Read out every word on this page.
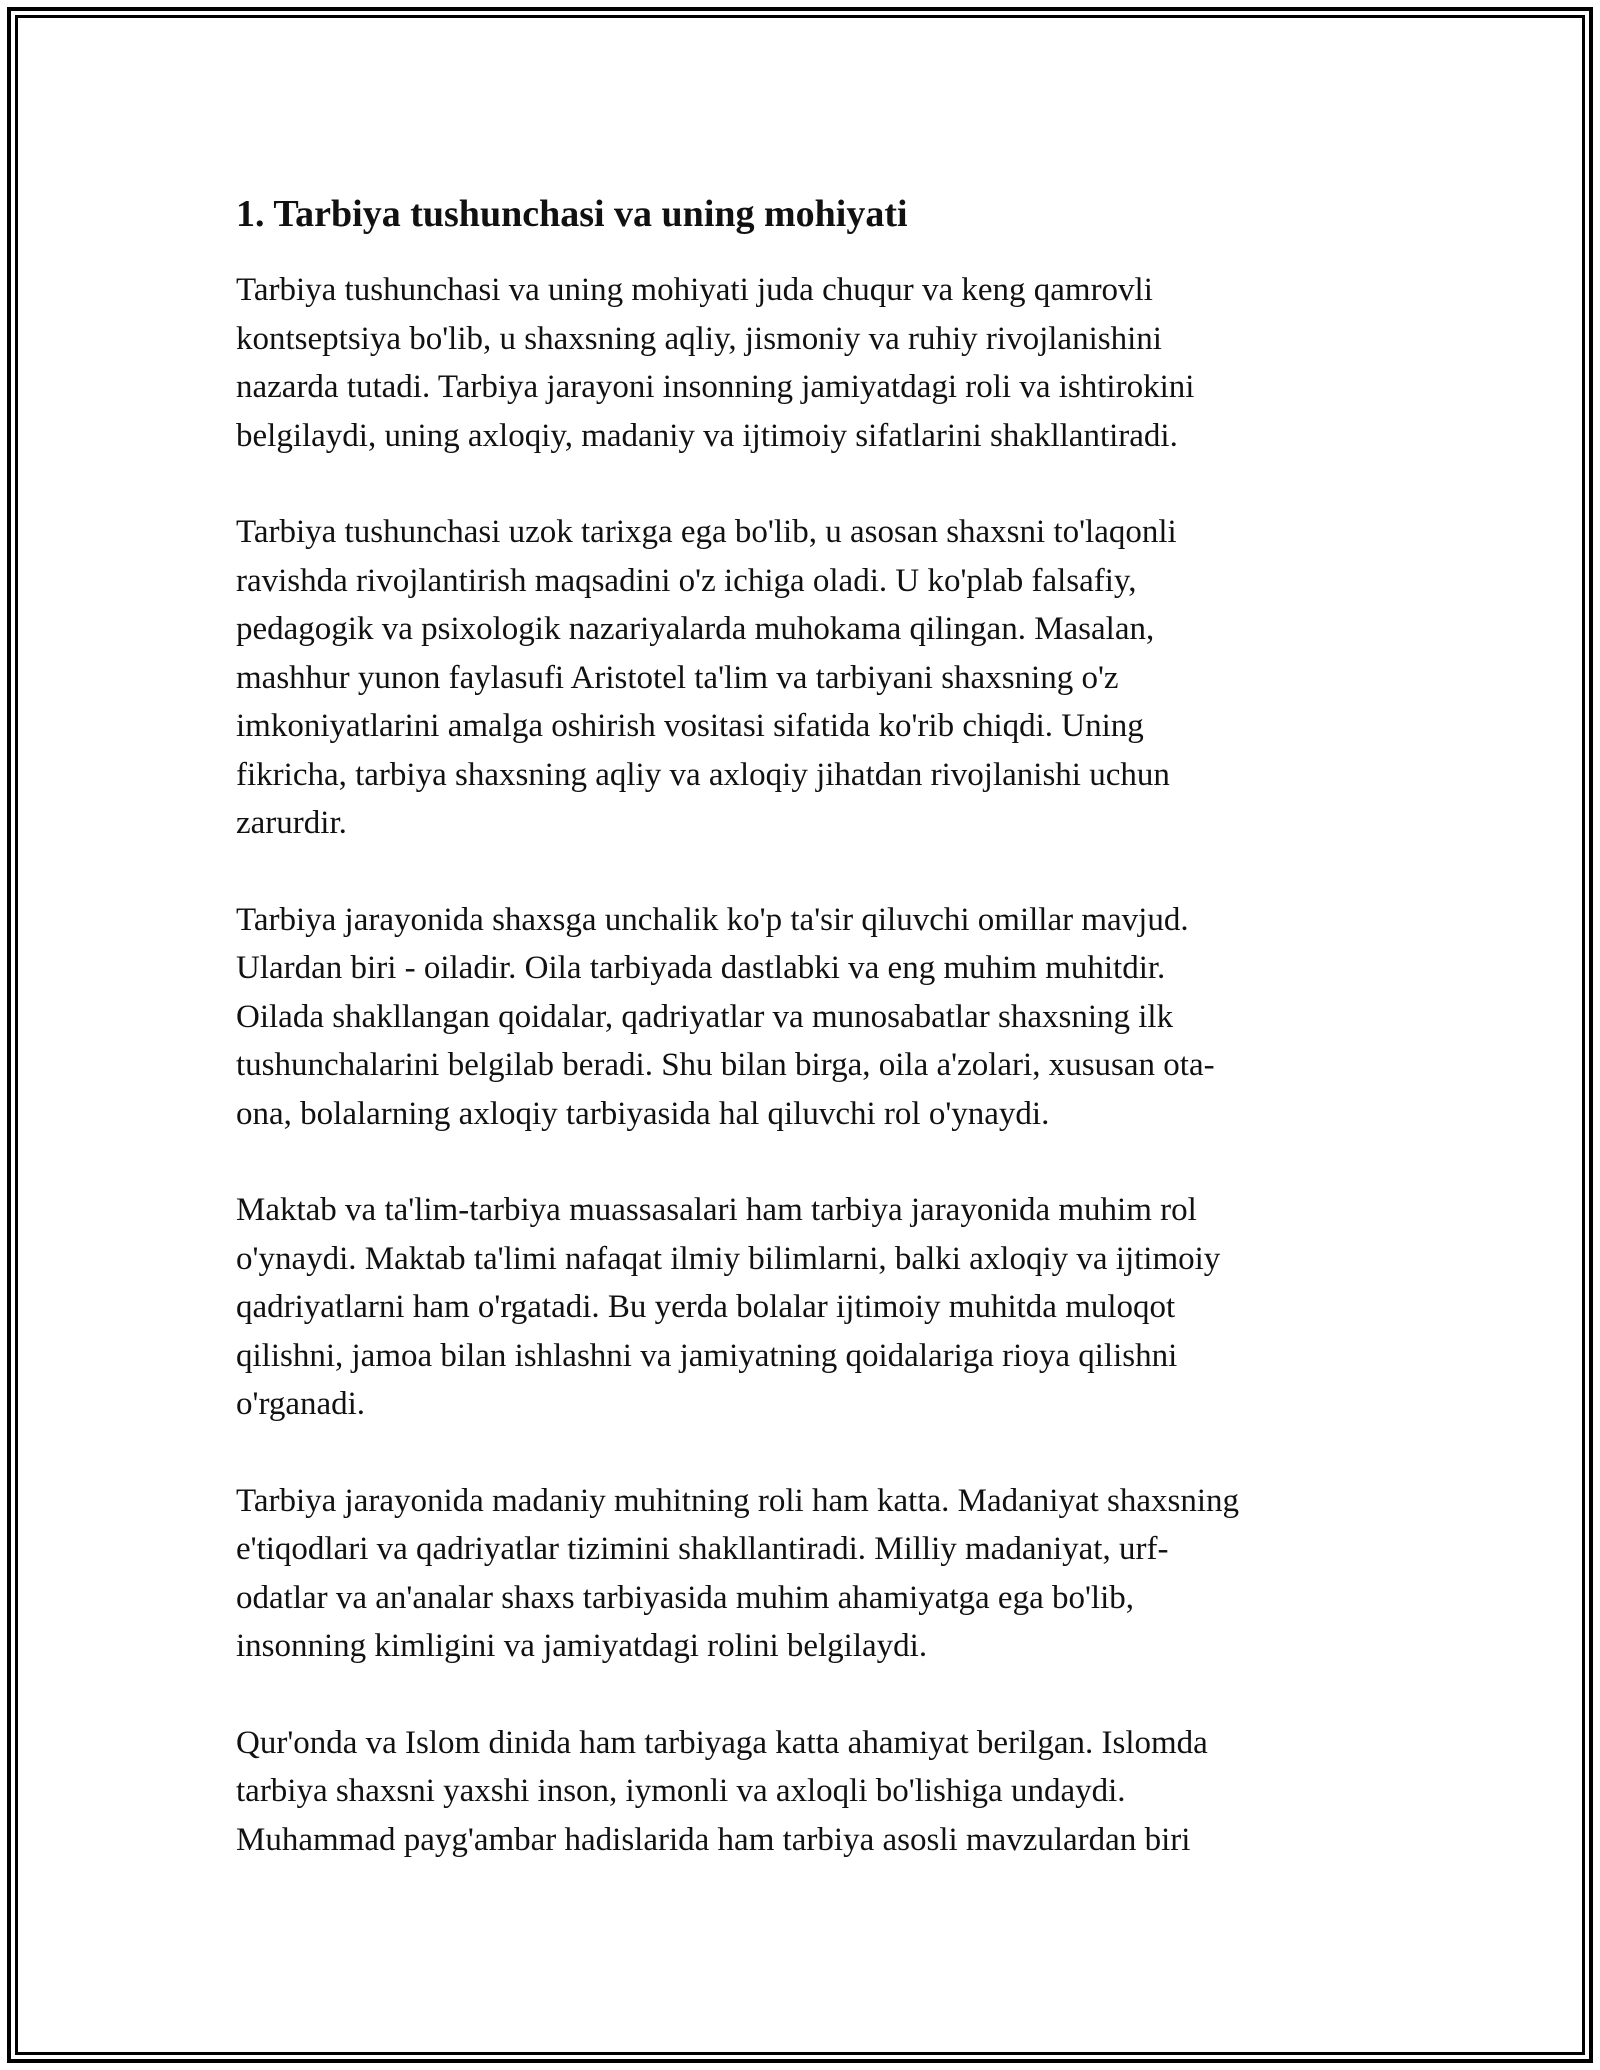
1. Tarbiya tushunchasi va uning mohiyati

Tarbiya tushunchasi va uning mohiyati juda chuqur va keng qamrovli
kontseptsiya bo'lib, u shaxsning aqliy, jismoniy va ruhiy rivojlanishini
nazarda tutadi. Tarbiya jarayoni insonning jamiyatdagi roli va ishtirokini
belgilaydi, uning axloqiy, madaniy va ijtimoiy sifatlarini shakllantiradi.

Tarbiya tushunchasi uzok tarixga ega bo'lib, u asosan shaxsni to'laqonli
ravishda rivojlantirish maqsadini o'z ichiga oladi. U ko'plab falsafiy,
pedagogik va psixologik nazariyalarda muhokama qilingan. Masalan,
mashhur yunon faylasufi Aristotel ta'lim va tarbiyani shaxsning o'z
imkoniyatlarini amalga oshirish vositasi sifatida ko'rib chiqdi. Uning
fikricha, tarbiya shaxsning aqliy va axloqiy jihatdan rivojlanishi uchun
zarurdir.

Tarbiya jarayonida shaxsga unchalik ko'p ta'sir qiluvchi omillar mavjud.
Ulardan biri - oiladir. Oila tarbiyada dastlabki va eng muhim muhitdir.
Oilada shakllangan qoidalar, qadriyatlar va munosabatlar shaxsning ilk
tushunchalarini belgilab beradi. Shu bilan birga, oila a'zolari, xususan ota-
ona, bolalarning axloqiy tarbiyasida hal qiluvchi rol o'ynaydi.

Maktab va ta'lim-tarbiya muassasalari ham tarbiya jarayonida muhim rol
o'ynaydi. Maktab ta'limi nafaqat ilmiy bilimlarni, balki axloqiy va ijtimoiy
qadriyatlarni ham o'rgatadi. Bu yerda bolalar ijtimoiy muhitda muloqot
qilishni, jamoa bilan ishlashni va jamiyatning qoidalariga rioya qilishni
o'rganadi.

Tarbiya jarayonida madaniy muhitning roli ham katta. Madaniyat shaxsning
e'tiqodlari va qadriyatlar tizimini shakllantiradi. Milliy madaniyat, urf-
odatlar va an'analar shaxs tarbiyasida muhim ahamiyatga ega bo'lib,
insonning kimligini va jamiyatdagi rolini belgilaydi.

Qur'onda va Islom dinida ham tarbiyaga katta ahamiyat berilgan. Islomda
tarbiya shaxsni yaxshi inson, iymonli va axloqli bo'lishiga undaydi.
Muhammad payg'ambar hadislarida ham tarbiya asosli mavzulardan biri
